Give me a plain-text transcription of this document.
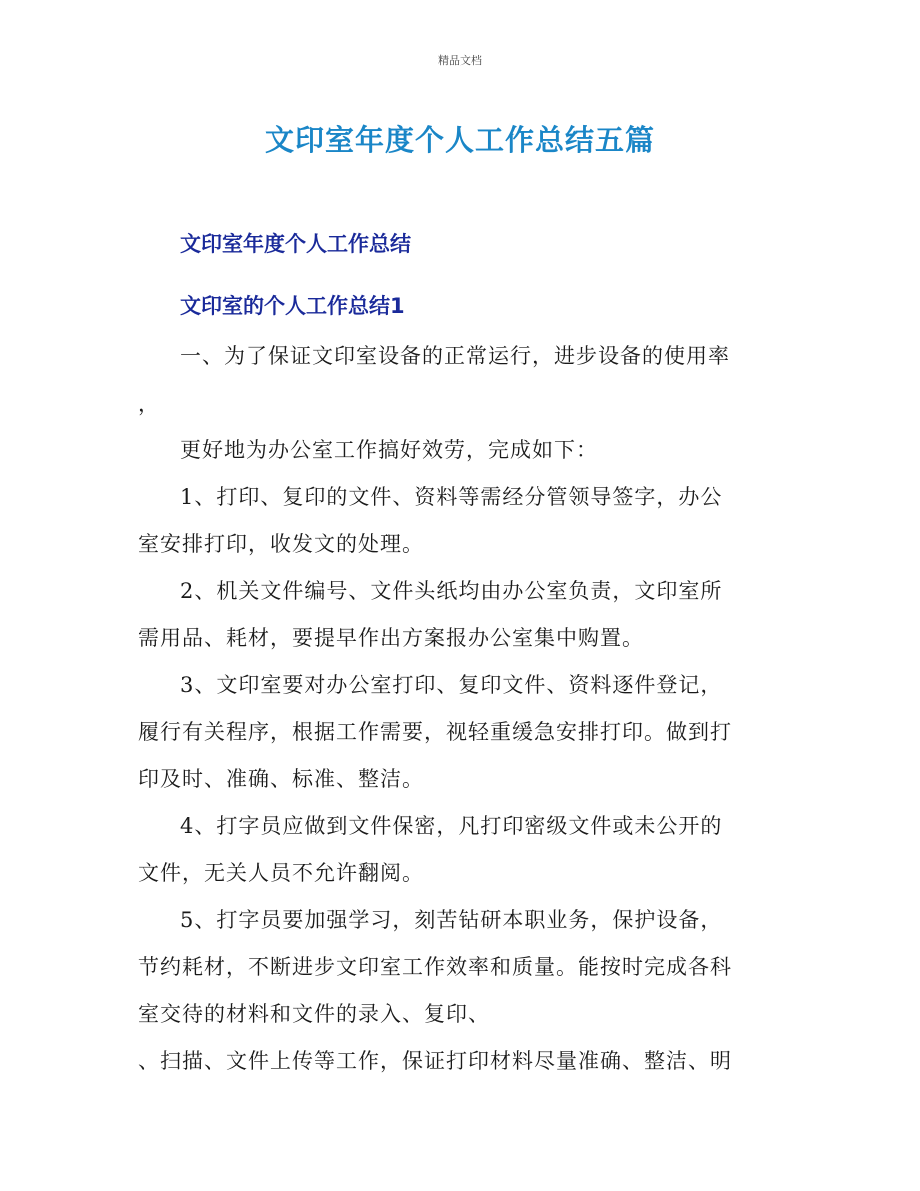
精品文档
文印室年度个人工作总结五篇
文印室年度个人工作总结
文印室的个人工作总结1
一、为了保证文印室设备的正常运行，进步设备的使用率
，
更好地为办公室工作搞好效劳，完成如下：
1、打印、复印的文件、资料等需经分管领导签字，办公
室安排打印，收发文的处理。
2、机关文件编号、文件头纸均由办公室负责，文印室所
需用品、耗材，要提早作出方案报办公室集中购置。
3、文印室要对办公室打印、复印文件、资料逐件登记，
履行有关程序，根据工作需要，视轻重缓急安排打印。做到打
印及时、准确、标准、整洁。
4、打字员应做到文件保密，凡打印密级文件或未公开的
文件，无关人员不允许翻阅。
5、打字员要加强学习，刻苦钻研本职业务，保护设备，
节约耗材，不断进步文印室工作效率和质量。能按时完成各科
室交待的材料和文件的录入、复印、
、扫描、文件上传等工作，保证打印材料尽量准确、整洁、明
